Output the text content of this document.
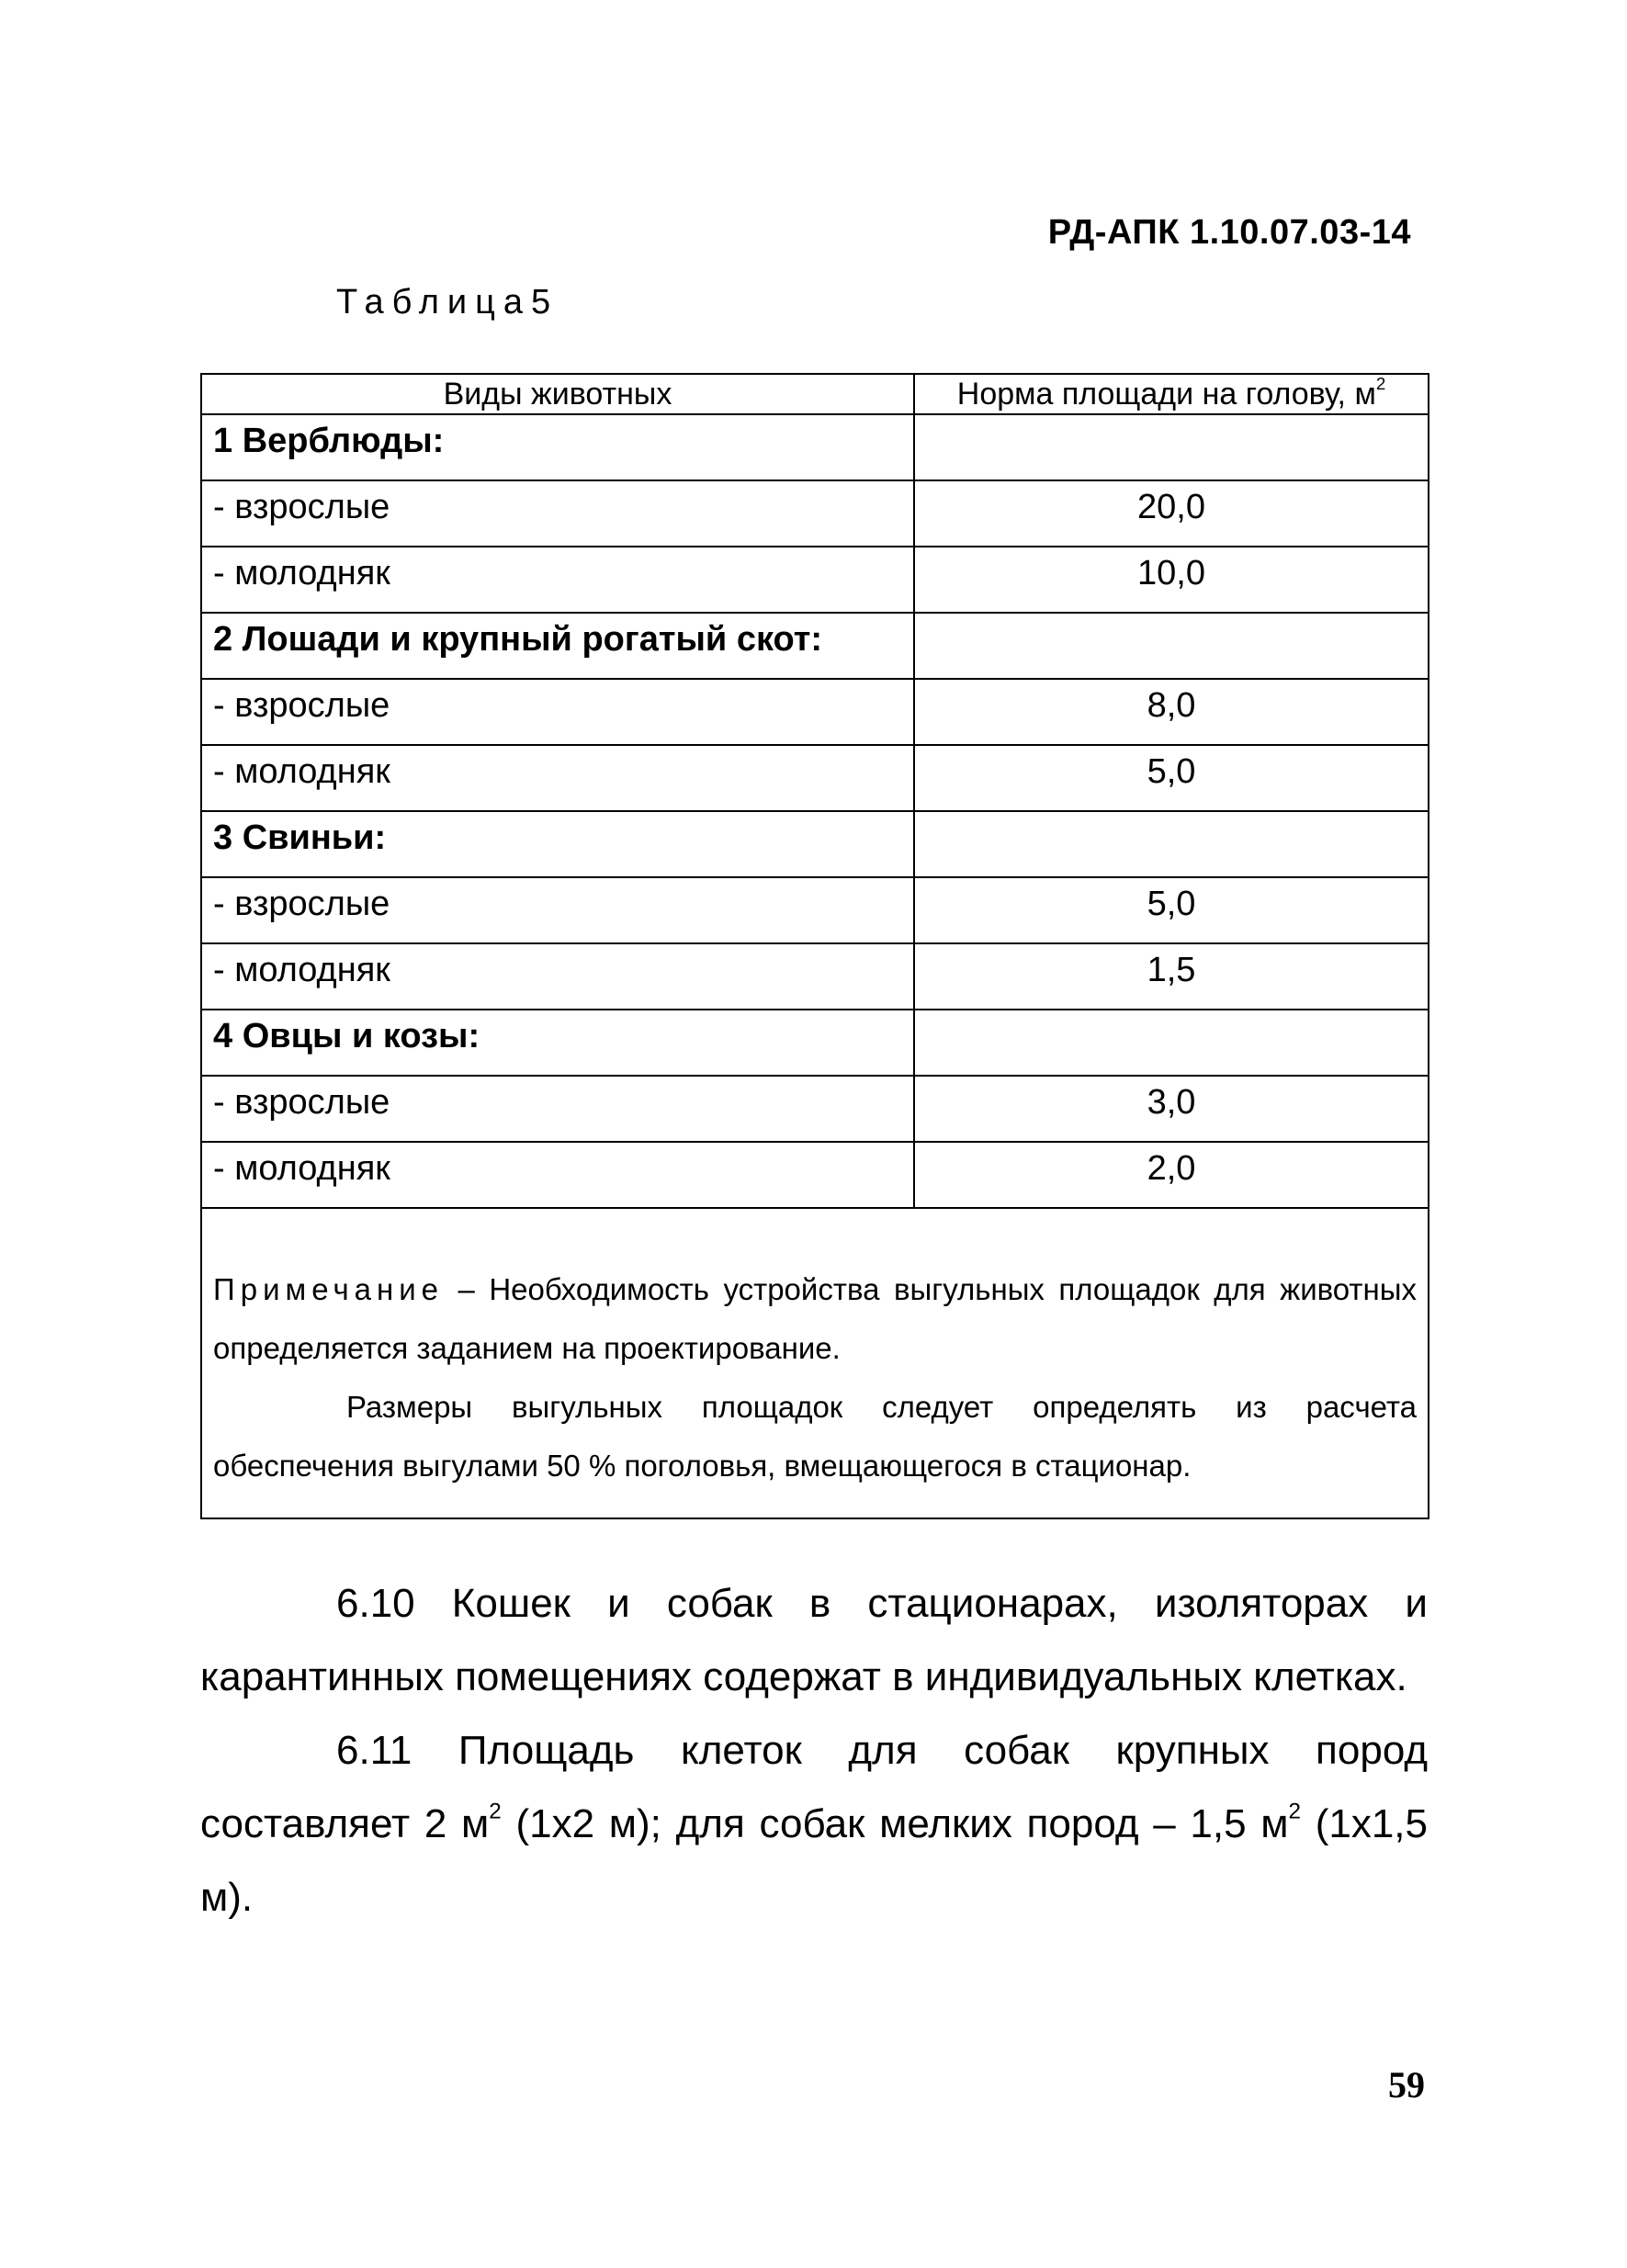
РД-АПК 1.10.07.03-14
Таблица5
Виды животных	Норма площади на голову, $м^2$
1 Верблюды:	
- взрослые	20,0
- молодняк	10,0
2 Лошади и крупный рогатый скот:	
- взрослые	8,0
- молодняк	5,0
3 Свиньи:	
- взрослые	5,0
- молодняк	1,5
4 Овцы и козы:	
- взрослые	3,0
- молодняк	2,0

Примечание – Необходимость устройства выгульных площадок для животных определяется заданием на проектирование.
Размеры выгульных площадок следует определять из расчета обеспечения выгулами 50 % поголовья, вмещающегося в стационар.	

6.10 Кошек и собак в стационарах, изоляторах и карантинных помещениях содержат в индивидуальных клетках.

6.11 Площадь клеток для собак крупных пород составляет 2 $м^2$ (1х2 м); для собак мелких пород – 1,5 $м^2$ (1х1,5 м).

59
